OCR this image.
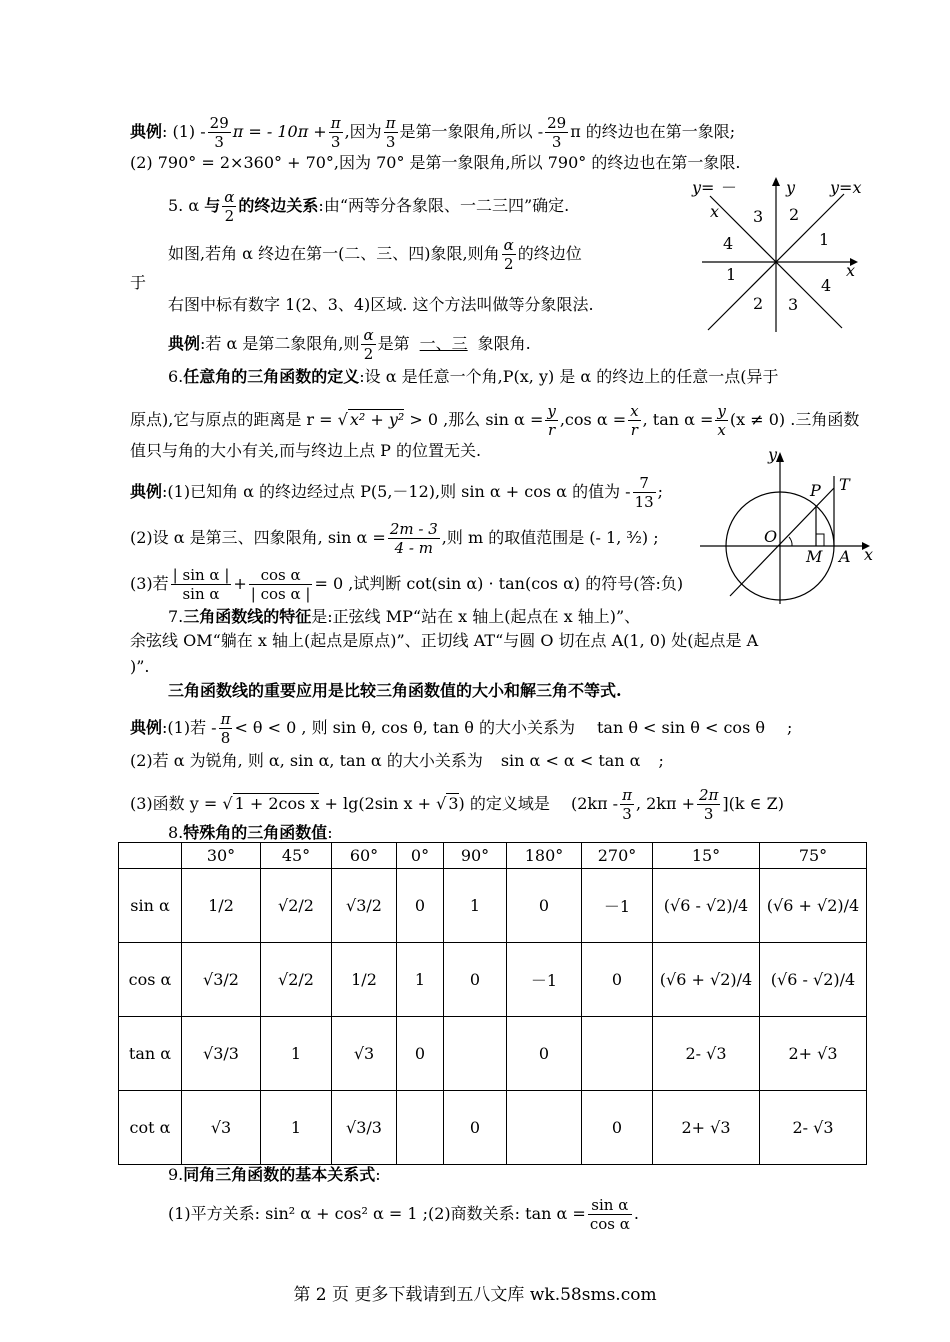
典例: $(1) - \frac{29}{3}$ π = - $10\pi + \frac{\pi}{3}$ ,因为 $\frac{\pi}{3}$ 是第一象限角,所以 - $\frac{29}{3}$ π 的终边也在第一象限;
(2) 790° = 2×360° + 70°,因为 70° 是第一象限角,所以 790° 的终边也在第一象限.
5. α 与 $\frac{\alpha}{2}$ 的终边关系:由“两等分各象限、一二三四”确定.
如图,若角 α 终边在第一(二、三、四)象限,则角 $\frac{\alpha}{2}$ 的终边位
于
右图中标有数字 1(2、3、4)区域. 这个方法叫做等分象限法.
典例:若 α 是第二象限角,则 $\frac{\alpha}{2}$ 是第 一、三 象限角.
6.任意角的三角函数的定义:设 α 是任意一个角,P(x, y) 是 α 的终边上的任意一点(异于
原点),它与原点的距离是 r = √ x² + y² > 0 ,那么 $\sin \alpha = \frac{y}{r} ,\cos$ $\alpha = \frac{x}{r}$ , $\tan \alpha = \frac{y}{x} (x \ne 0)$ .三角函数
值只与角的大小有关,而与终边上点 P 的位置无关.
典例:(1)已知角 α 的终边经过点 P(5,－12),则 sin α + cos α 的值为 - $\frac{7}{13}$ ;
(2)设 α 是第三、四象限角, $\sin \alpha = \frac{2m - 3}{4 - m}$ ,则 m 的取值范围是 (- 1, ³⁄₂) ;
(3)若 $\frac{\text{| sin α |}}{\text{sin α}} + \frac{\text{cos α}}{\text{| cos α |}} = 0$ ,试判断 cot(sin α) · tan(cos α) 的符号(答:负)
7.三角函数线的特征是:正弦线 MP“站在 x 轴上(起点在 x 轴上)”、
余弦线 OM“躺在 x 轴上(起点是原点)”、正切线 AT“与圆 O 切在点 A(1, 0) 处(起点是 A
)”.
三角函数线的重要应用是比较三角函数值的大小和解三角不等式.
典例:(1)若 - $\frac{\pi}{8} < \theta < 0$ , 则 sin θ, cos θ, tan θ 的大小关系为 tan θ < sin θ < cos θ ;
(2)若 α 为锐角, 则 α, sin α, tan α 的大小关系为 sin α < α < tan α ;
(3)函数 y = √ 1 + 2cos x + lg(2sin x + √ 3) 的定义域是 ($2k\pi - \frac{\pi}{3}$ , $2k\pi + \frac{2\pi}{3} ](k$ ∈ Z)
8.特殊角的三角函数值:
	30°	45°	60°	0°	90°	180°	270°	15°	75°
sin α	1/2	√2/2	√3/2	0	1	0	－1	(√6 - √2)/4	(√6 + √2)/4
cos α	√3/2	√2/2	1/2	1	0	－1	0	(√6 + √2)/4	(√6 - √2)/4
tan α	√3/3	1	√3	0		0		2- √3	2+ √3
cot α	√3	1	√3/3		0		0	2+ √3	2- √3
9.同角三角函数的基本关系式:
(1)平方关系: sin² α + cos² α = 1 ;(2)商数关系: $\tan \alpha = \frac{\text{sin α}}{\text{cos α}}$ .
y
x
y= －
x
y=x
3 2
4	1
1
4
2 3
y
x
P T
O
M A
第 2 页 更多下载请到五八文库 wk.58sms.com
